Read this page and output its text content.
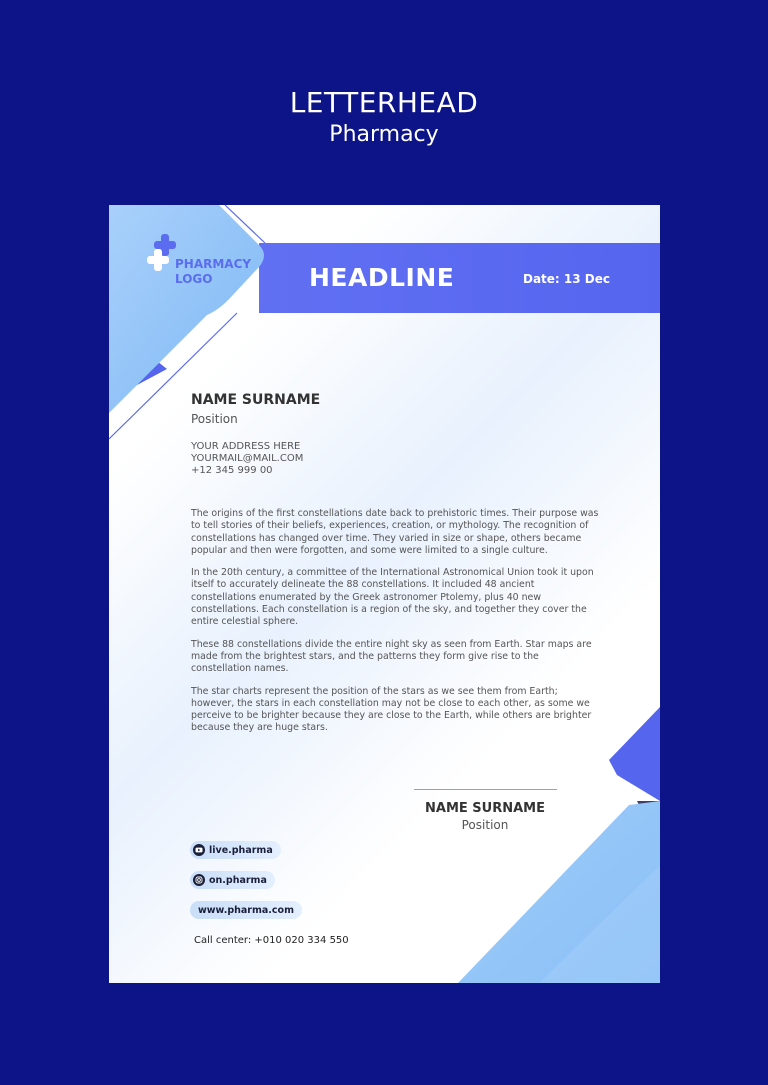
LETTERHEAD
Pharmacy
PHARMACY
LOGO	HEADLINE	Date: 13 Dec
NAME SURNAME
Position
YOUR ADDRESS HERE
YOURMAIL@MAIL.COM
+12 345 999 00

The origins of the first constellations date back to prehistoric times. Their purpose was to tell stories of their beliefs, experiences, creation, or mythology. The recognition of constellations has changed over time. They varied in size or shape, others became popular and then were forgotten, and some were limited to a single culture.

In the 20th century, a committee of the International Astronomical Union took it upon itself to accurately delineate the 88 constellations. It included 48 ancient constellations enumerated by the Greek astronomer Ptolemy, plus 40 new constellations. Each constellation is a region of the sky, and together they cover the entire celestial sphere.

These 88 constellations divide the entire night sky as seen from Earth. Star maps are made from the brightest stars, and the patterns they form give rise to the constellation names.

The star charts represent the position of the stars as we see them from Earth; however, the stars in each constellation may not be close to each other, as some we perceive to be brighter because they are close to the Earth, while others are brighter because they are huge stars.

NAME SURNAME
Position
live.pharma
on.pharma
www.pharma.com
Call center: +010 020 334 550
